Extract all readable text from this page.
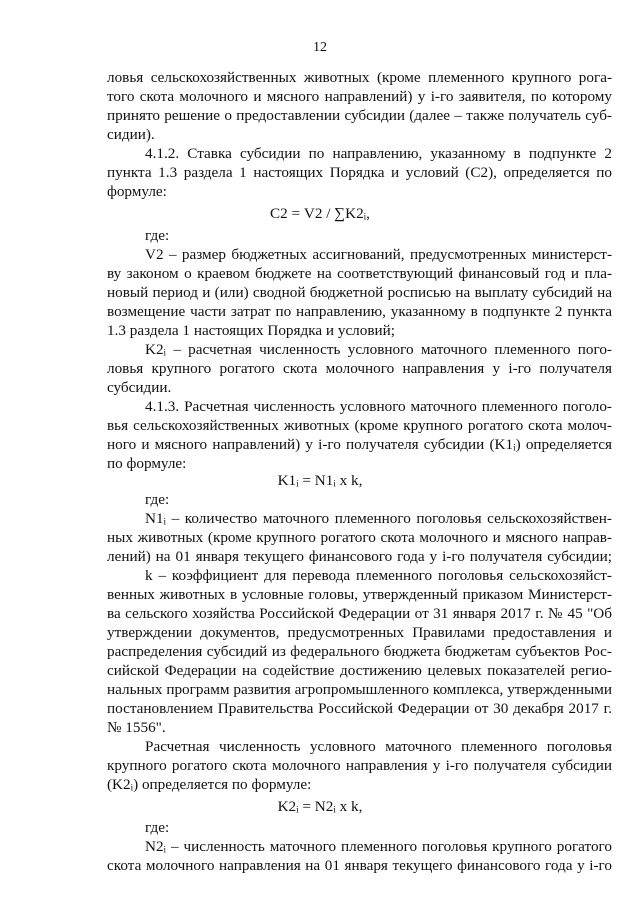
12
ловья сельскохозяйственных животных (кроме племенного крупного рога-
того скота молочного и мясного направлений) у i-го заявителя, по которому
принято решение о предоставлении субсидии (далее – также получатель суб-
сидии).
4.1.2. Ставка субсидии по направлению, указанному в подпункте 2
пункта 1.3 раздела 1 настоящих Порядка и условий (С2), определяется по
формуле:
где:
V2 – размер бюджетных ассигнований, предусмотренных министерст-
ву законом о краевом бюджете на соответствующий финансовый год и пла-
новый период и (или) сводной бюджетной росписью на выплату субсидий на
возмещение части затрат по направлению, указанному в подпункте 2 пункта
1.3 раздела 1 настоящих Порядка и условий;
K2ᵢ – расчетная численность условного маточного племенного пого-
ловья крупного рогатого скота молочного направления у i-го получателя
субсидии.
4.1.3. Расчетная численность условного маточного племенного поголо-
вья сельскохозяйственных животных (кроме крупного рогатого скота молоч-
ного и мясного направлений) у i-го получателя субсидии (K1ᵢ) определяется
по формуле:
где:
N1ᵢ – количество маточного племенного поголовья сельскохозяйствен-
ных животных (кроме крупного рогатого скота молочного и мясного направ-
лений) на 01 января текущего финансового года у i-го получателя субсидии;
k – коэффициент для перевода племенного поголовья сельскохозяйст-
венных животных в условные головы, утвержденный приказом Министерст-
ва сельского хозяйства Российской Федерации от 31 января 2017 г. № 45 "Об
утверждении документов, предусмотренных Правилами предоставления и
распределения субсидий из федерального бюджета бюджетам субъектов Рос-
сийской Федерации на содействие достижению целевых показателей регио-
нальных программ развития агропромышленного комплекса, утвержденными
постановлением Правительства Российской Федерации от 30 декабря 2017 г.
№ 1556".
Расчетная численность условного маточного племенного поголовья
крупного рогатого скота молочного направления у i-го получателя субсидии
(K2ᵢ) определяется по формуле:
где:
N2ᵢ – численность маточного племенного поголовья крупного рогатого
скота молочного направления на 01 января текущего финансового года у i-го
С2 = V2 / ∑K2ᵢ,
K1ᵢ = N1ᵢ x k,
K2ᵢ = N2ᵢ x k,
